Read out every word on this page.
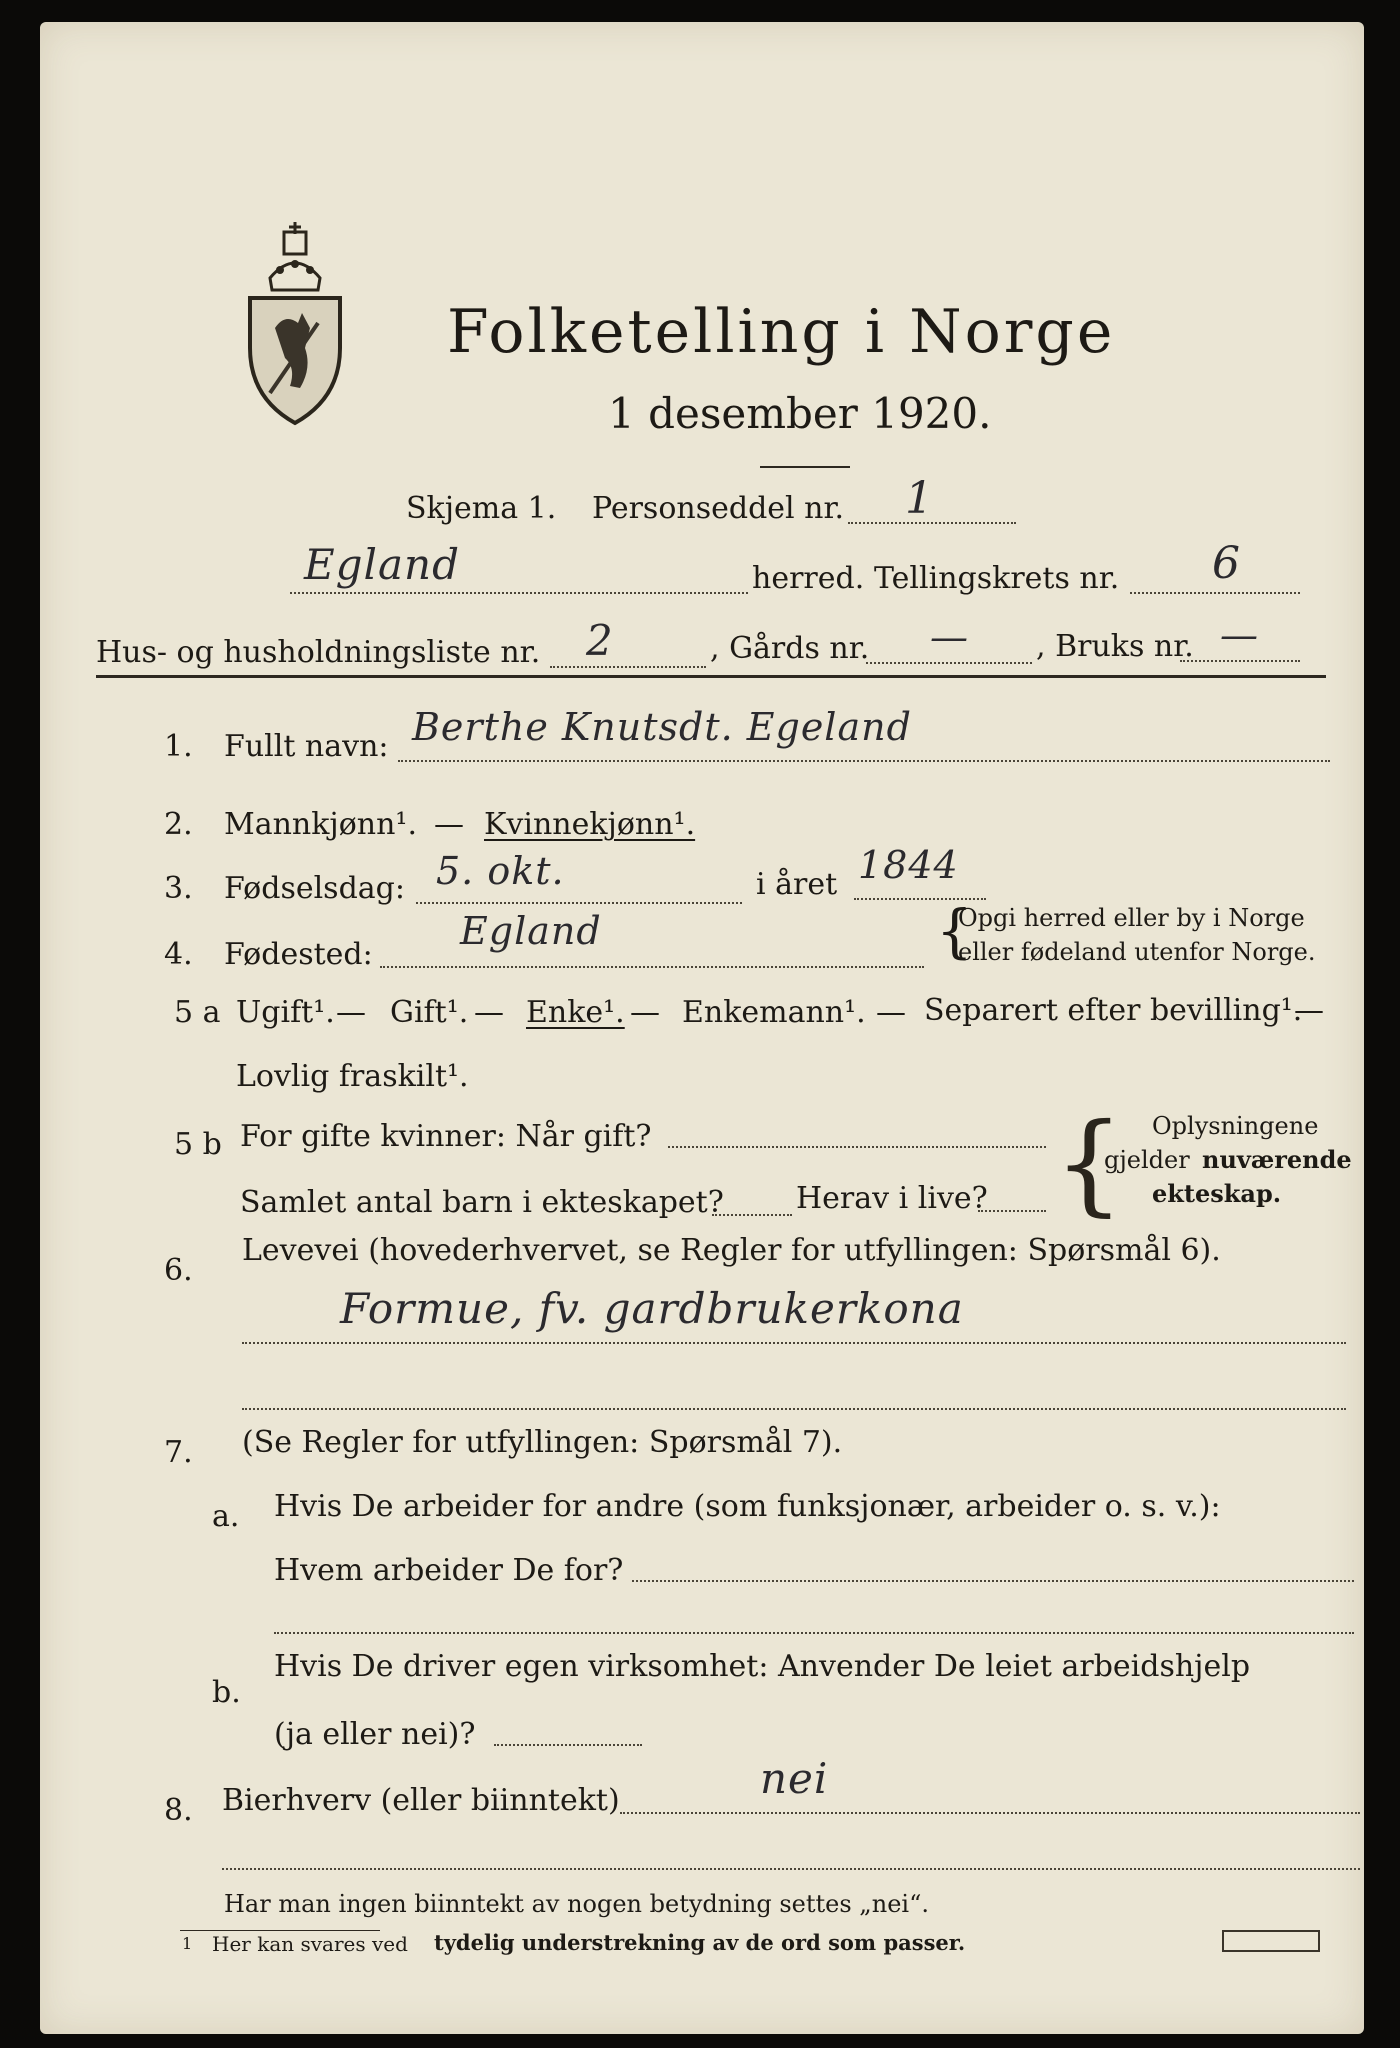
Folketelling i Norge
1 desember 1920.
Skjema 1. Personseddel nr. 1
Egland	herred. Tellingskrets nr. 6
Hus- og husholdningsliste nr. 2	, Gårds nr. — , Bruks nr. —
1. Fullt navn: Berthe Knutsdt. Egeland
2. Mannkjønn¹. — Kvinnekjønn¹.
3. Fødselsdag: 5. okt.	i året 1844
4. Fødested:
Egland	{
Opgi herred eller by i Norge
eller fødeland utenfor Norge.
5 a Ugift¹. — Gift¹. — Enke¹. — Enkemann¹. — Separert efter bevilling¹.
—
Lovlig fraskilt¹.
5 b For gifte kvinner: Når gift?
Samlet antal barn i ekteskapet? Herav i live? { Oplysningene
gjelder nuværende
ekteskap.
6.
Levevei (hovederhvervet, se Regler for utfyllingen: Spørsmål 6).
Formue, fv. gardbrukerkona
7. (Se Regler for utfyllingen: Spørsmål 7).
a. Hvis De arbeider for andre (som funksjonær, arbeider o. s. v.):
Hvem arbeider De for?
b.
Hvis De driver egen virksomhet: Anvender De leiet arbeidshjelp
(ja eller nei)?
8. Bierhverv (eller biinntekt)	nei
Har man ingen biinntekt av nogen betydning settes „nei“.
1 Her kan svares ved tydelig understrekning av de ord som passer.
